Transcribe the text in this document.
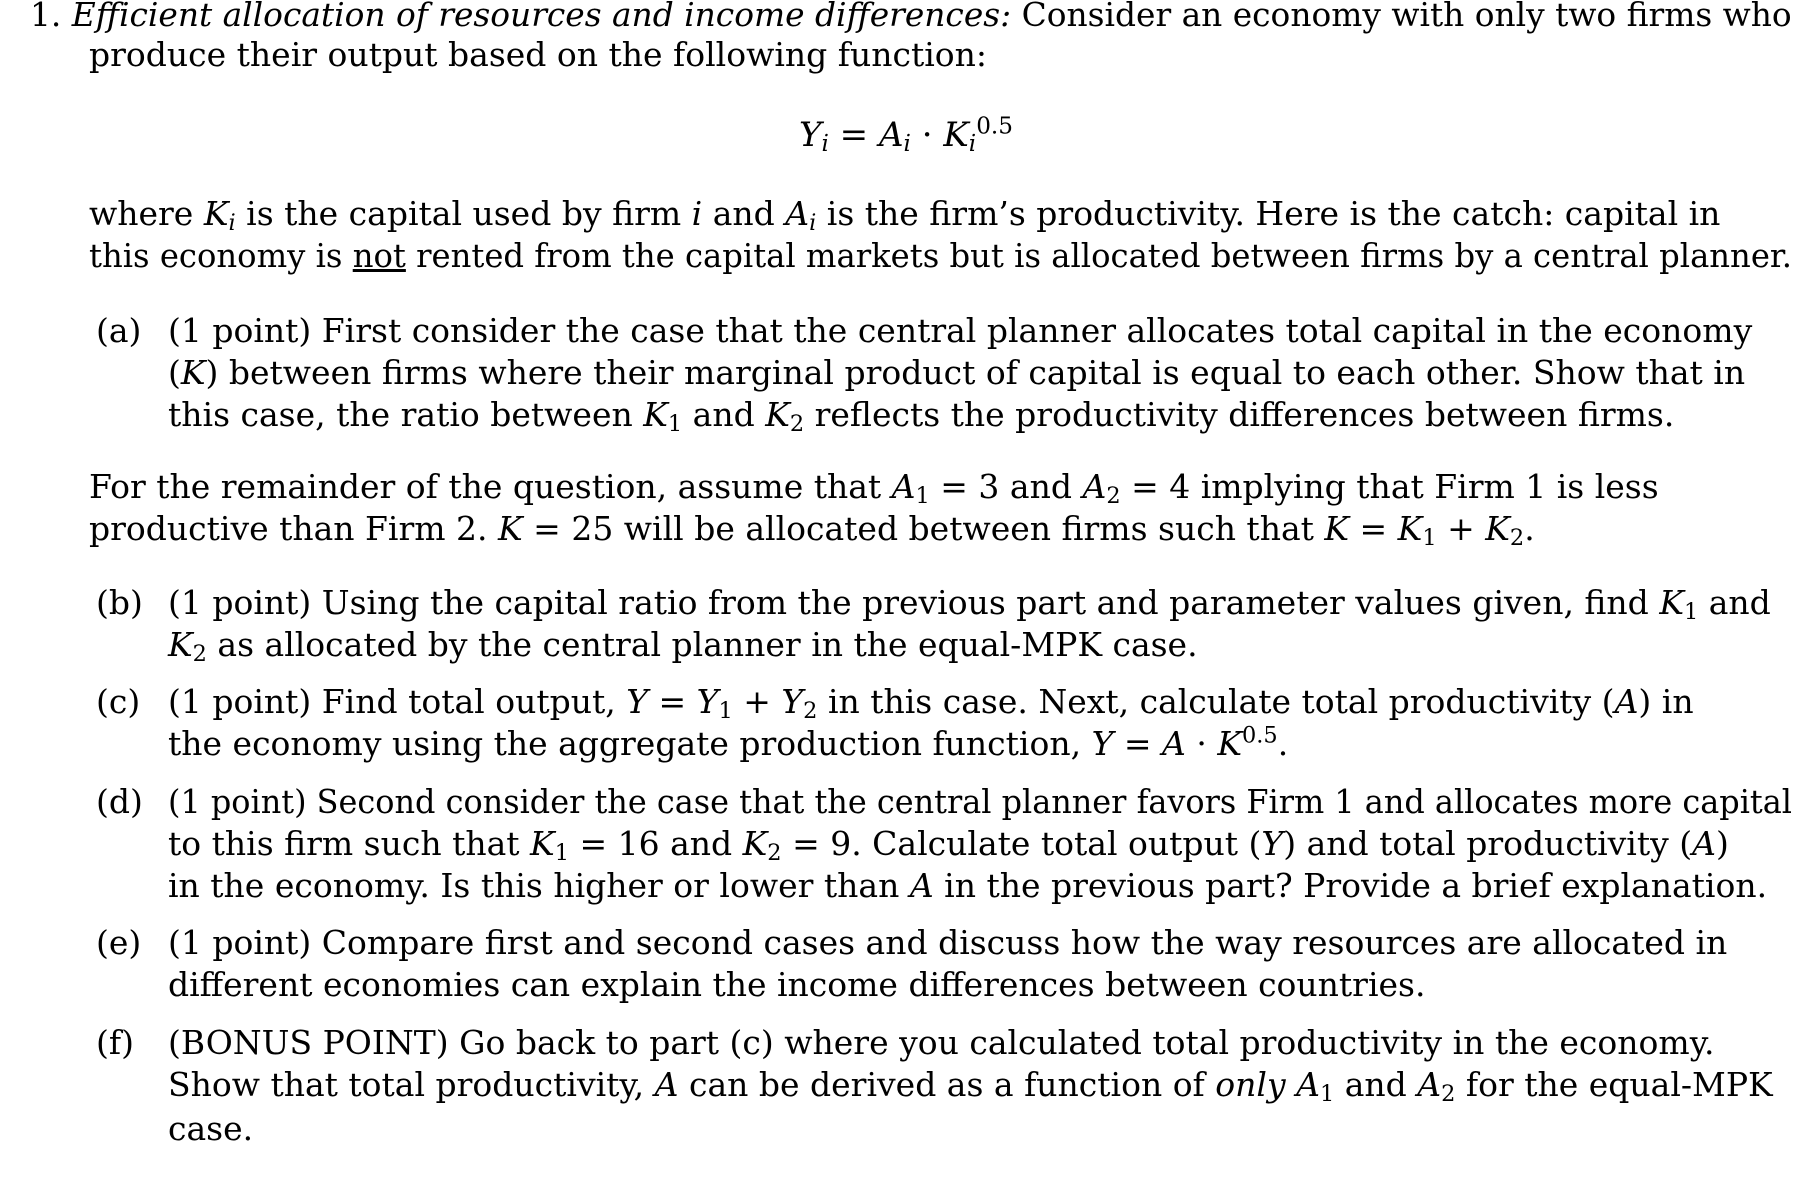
1. Efficient allocation of resources and income differences: Consider an economy with only two firms who
produce their output based on the following function:
$Y_i = A_i \cdot K_i^{0.5}$
where $K_i$ is the capital used by firm i and $A_i$ is the firm’s productivity. Here is the catch: capital in
this economy is not rented from the capital markets but is allocated between firms by a central planner.
(a) (1 point) First consider the case that the central planner allocates total capital in the economy
(K) between firms where their marginal product of capital is equal to each other. Show that in
this case, the ratio between $K_1$ and $K_2$ reflects the productivity differences between firms.
For the remainder of the question, assume that $A_1 = 3$ and $A_2 = 4$ implying that Firm 1 is less
productive than Firm 2. K = 25 will be allocated between firms such that $K = K_1 + K_2$.
(b) (1 point) Using the capital ratio from the previous part and parameter values given, find $K_1$ and
$K_2$ as allocated by the central planner in the equal-MPK case.
(c) (1 point) Find total output, $Y = Y_1 + Y_2$ in this case. Next, calculate total productivity (A) in
the economy using the aggregate production function, $Y = A \cdot K^{0.5}$.
(d) (1 point) Second consider the case that the central planner favors Firm 1 and allocates more capital
to this firm such that $K_1 = 16$ and $K_2 = 9$. Calculate total output (Y) and total productivity (A)
in the economy. Is this higher or lower than A in the previous part? Provide a brief explanation.
(e) (1 point) Compare first and second cases and discuss how the way resources are allocated in
different economies can explain the income differences between countries.
(f) (BONUS POINT) Go back to part (c) where you calculated total productivity in the economy.
Show that total productivity, A can be derived as a function of only $A_1$ and $A_2$ for the equal-MPK
case.
